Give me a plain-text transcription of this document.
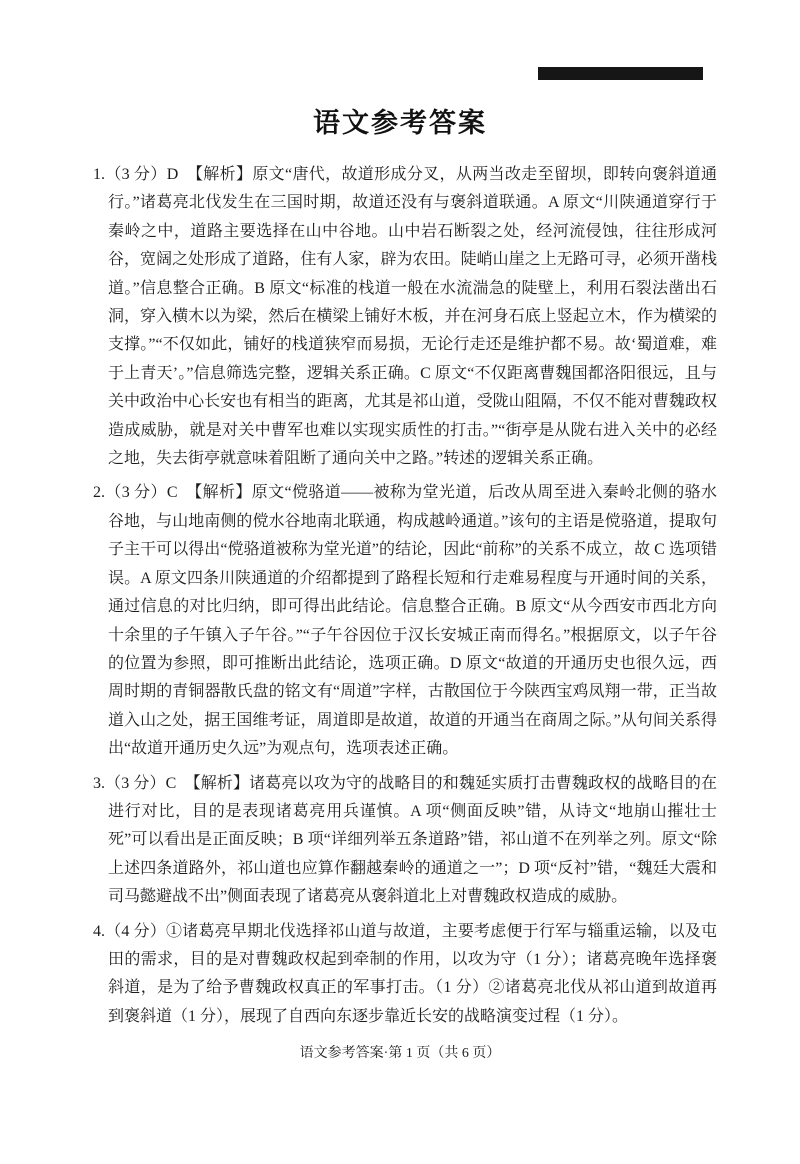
语文参考答案

1.（3 分）D　【解析】原文“唐代，故道形成分叉，从两当改走至留坝，即转向褒斜道通行。”诸葛亮北伐发生在三国时期，故道还没有与褒斜道联通。A 原文“川陕通道穿行于秦岭之中，道路主要选择在山中谷地。山中岩石断裂之处，经河流侵蚀，往往形成河谷，宽阔之处形成了道路，住有人家，辟为农田。陡峭山崖之上无路可寻，必须开凿栈道。”信息整合正确。B 原文“标准的栈道一般在水流湍急的陡壁上，利用石裂法凿出石洞，穿入横木以为梁，然后在横梁上铺好木板，并在河身石底上竖起立木，作为横梁的支撑。”“不仅如此，铺好的栈道狭窄而易损，无论行走还是维护都不易。故‘蜀道难，难于上青天’。”信息筛选完整，逻辑关系正确。C 原文“不仅距离曹魏国都洛阳很远，且与关中政治中心长安也有相当的距离，尤其是祁山道，受陇山阻隔，不仅不能对曹魏政权造成威胁，就是对关中曹军也难以实现实质性的打击。”“街亭是从陇右进入关中的必经之地，失去街亭就意味着阻断了通向关中之路。”转述的逻辑关系正确。

2.（3 分）C　【解析】原文“傥骆道——被称为堂光道，后改从周至进入秦岭北侧的骆水谷地，与山地南侧的傥水谷地南北联通，构成越岭通道。”该句的主语是傥骆道，提取句子主干可以得出“傥骆道被称为堂光道”的结论，因此“前称”的关系不成立，故 C 选项错误。A 原文四条川陕通道的介绍都提到了路程长短和行走难易程度与开通时间的关系，通过信息的对比归纳，即可得出此结论。信息整合正确。B 原文“从今西安市西北方向十余里的子午镇入子午谷。”“子午谷因位于汉长安城正南而得名。”根据原文，以子午谷的位置为参照，即可推断出此结论，选项正确。D 原文“故道的开通历史也很久远，西周时期的青铜器散氏盘的铭文有“周道”字样，古散国位于今陕西宝鸡凤翔一带，正当故道入山之处，据王国维考证，周道即是故道，故道的开通当在商周之际。”从句间关系得出“故道开通历史久远”为观点句，选项表述正确。

3.（3 分）C　【解析】诸葛亮以攻为守的战略目的和魏延实质打击曹魏政权的战略目的在进行对比，目的是表现诸葛亮用兵谨慎。A 项“侧面反映”错，从诗文“地崩山摧壮士死”可以看出是正面反映；B 项“详细列举五条道路”错，祁山道不在列举之列。原文“除上述四条道路外，祁山道也应算作翻越秦岭的通道之一”；D 项“反衬”错，“魏廷大震和司马懿避战不出”侧面表现了诸葛亮从褒斜道北上对曹魏政权造成的威胁。

4.（4 分）①诸葛亮早期北伐选择祁山道与故道，主要考虑便于行军与辎重运输，以及屯田的需求，目的是对曹魏政权起到牵制的作用，以攻为守（1 分）；诸葛亮晚年选择褒斜道，是为了给予曹魏政权真正的军事打击。（1 分）②诸葛亮北伐从祁山道到故道再到褒斜道（1 分），展现了自西向东逐步靠近长安的战略演变过程（1 分）。

语文参考答案·第 1 页（共 6 页）
